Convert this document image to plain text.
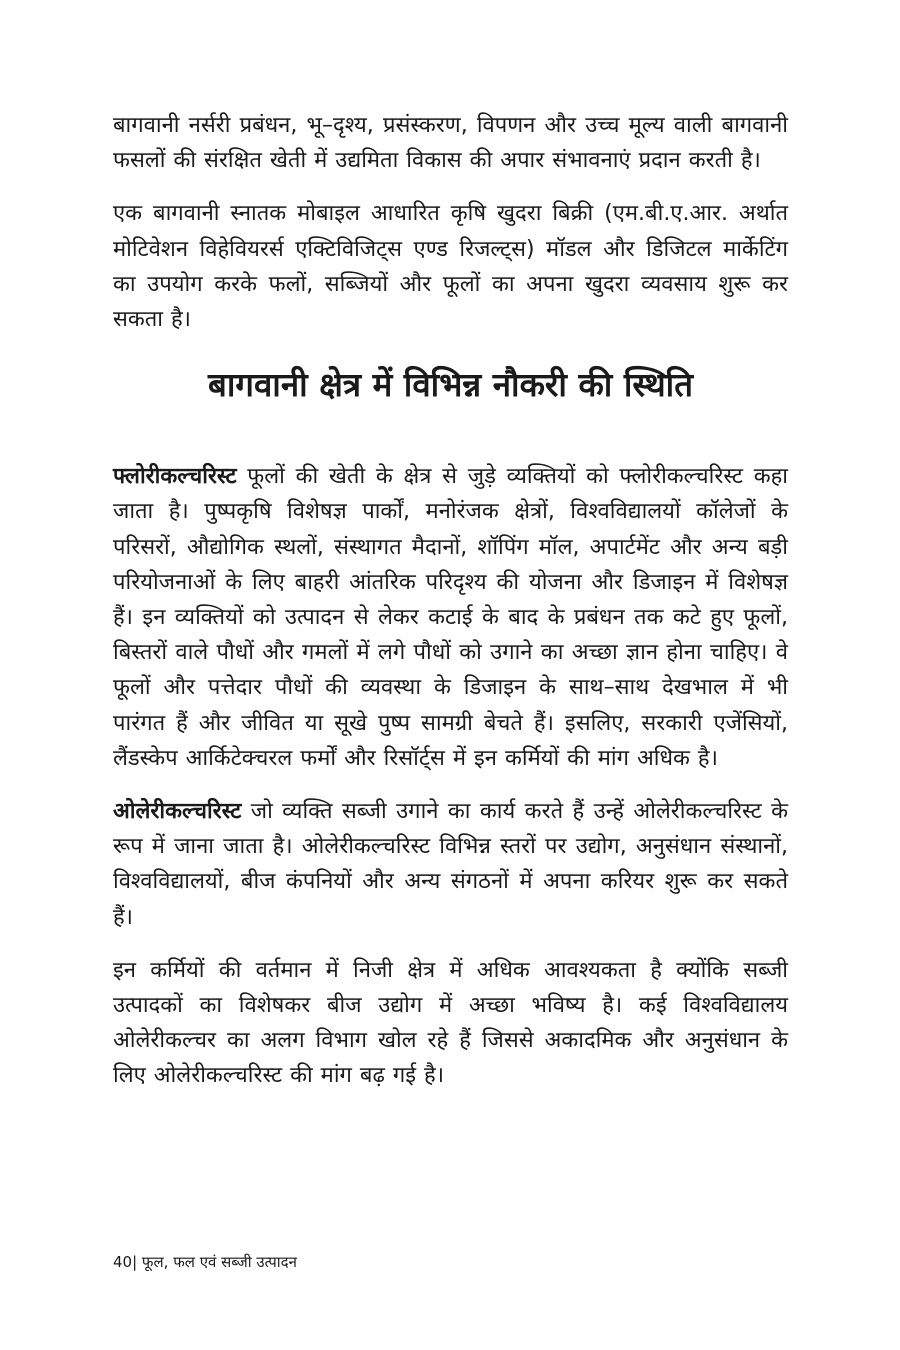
बागवानी नर्सरी प्रबंधन, भू–दृश्य, प्रसंस्करण, विपणन और उच्च मूल्य वाली बागवानी फसलों की संरक्षित खेती में उद्यमिता विकास की अपार संभावनाएं प्रदान करती है।

एक बागवानी स्नातक मोबाइल आधारित कृषि खुदरा बिक्री (एम.बी.ए.आर. अर्थात मोटिवेशन विहेवियरर्स एक्टिविजिट्स एण्ड रिजल्ट्स) मॉडल और डिजिटल मार्केटिंग का उपयोग करके फलों, सब्जियों और फूलों का अपना खुदरा व्यवसाय शुरू कर सकता है।

बागवानी क्षेत्र में विभिन्न नौकरी की स्थिति

फ्लोरीकल्चरिस्ट फूलों की खेती के क्षेत्र से जुड़े व्यक्तियों को फ्लोरीकल्चरिस्ट कहा जाता है। पुष्पकृषि विशेषज्ञ पार्कों, मनोरंजक क्षेत्रों, विश्वविद्यालयों कॉलेजों के परिसरों, औद्योगिक स्थलों, संस्थागत मैदानों, शॉपिंग मॉल, अपार्टमेंट और अन्य बड़ी परियोजनाओं के लिए बाहरी आंतरिक परिदृश्य की योजना और डिजाइन में विशेषज्ञ हैं। इन व्यक्तियों को उत्पादन से लेकर कटाई के बाद के प्रबंधन तक कटे हुए फूलों, बिस्तरों वाले पौधों और गमलों में लगे पौधों को उगाने का अच्छा ज्ञान होना चाहिए। वे फूलों और पत्तेदार पौधों की व्यवस्था के डिजाइन के साथ–साथ देखभाल में भी पारंगत हैं और जीवित या सूखे पुष्प सामग्री बेचते हैं। इसलिए, सरकारी एजेंसियों, लैंडस्केप आर्किटेक्चरल फर्मों और रिसॉर्ट्स में इन कर्मियों की मांग अधिक है।

ओलेरीकल्चरिस्ट जो व्यक्ति सब्जी उगाने का कार्य करते हैं उन्हें ओलेरीकल्चरिस्ट के रूप में जाना जाता है। ओलेरीकल्चरिस्ट विभिन्न स्तरों पर उद्योग, अनुसंधान संस्थानों, विश्वविद्यालयों, बीज कंपनियों और अन्य संगठनों में अपना करियर शुरू कर सकते हैं।

इन कर्मियों की वर्तमान में निजी क्षेत्र में अधिक आवश्यकता है क्योंकि सब्जी उत्पादकों का विशेषकर बीज उद्योग में अच्छा भविष्य है। कई विश्वविद्यालय ओलेरीकल्चर का अलग विभाग खोल रहे हैं जिससे अकादमिक और अनुसंधान के लिए ओलेरीकल्चरिस्ट की मांग बढ़ गई है।

40| फूल, फल एवं सब्जी उत्पादन
